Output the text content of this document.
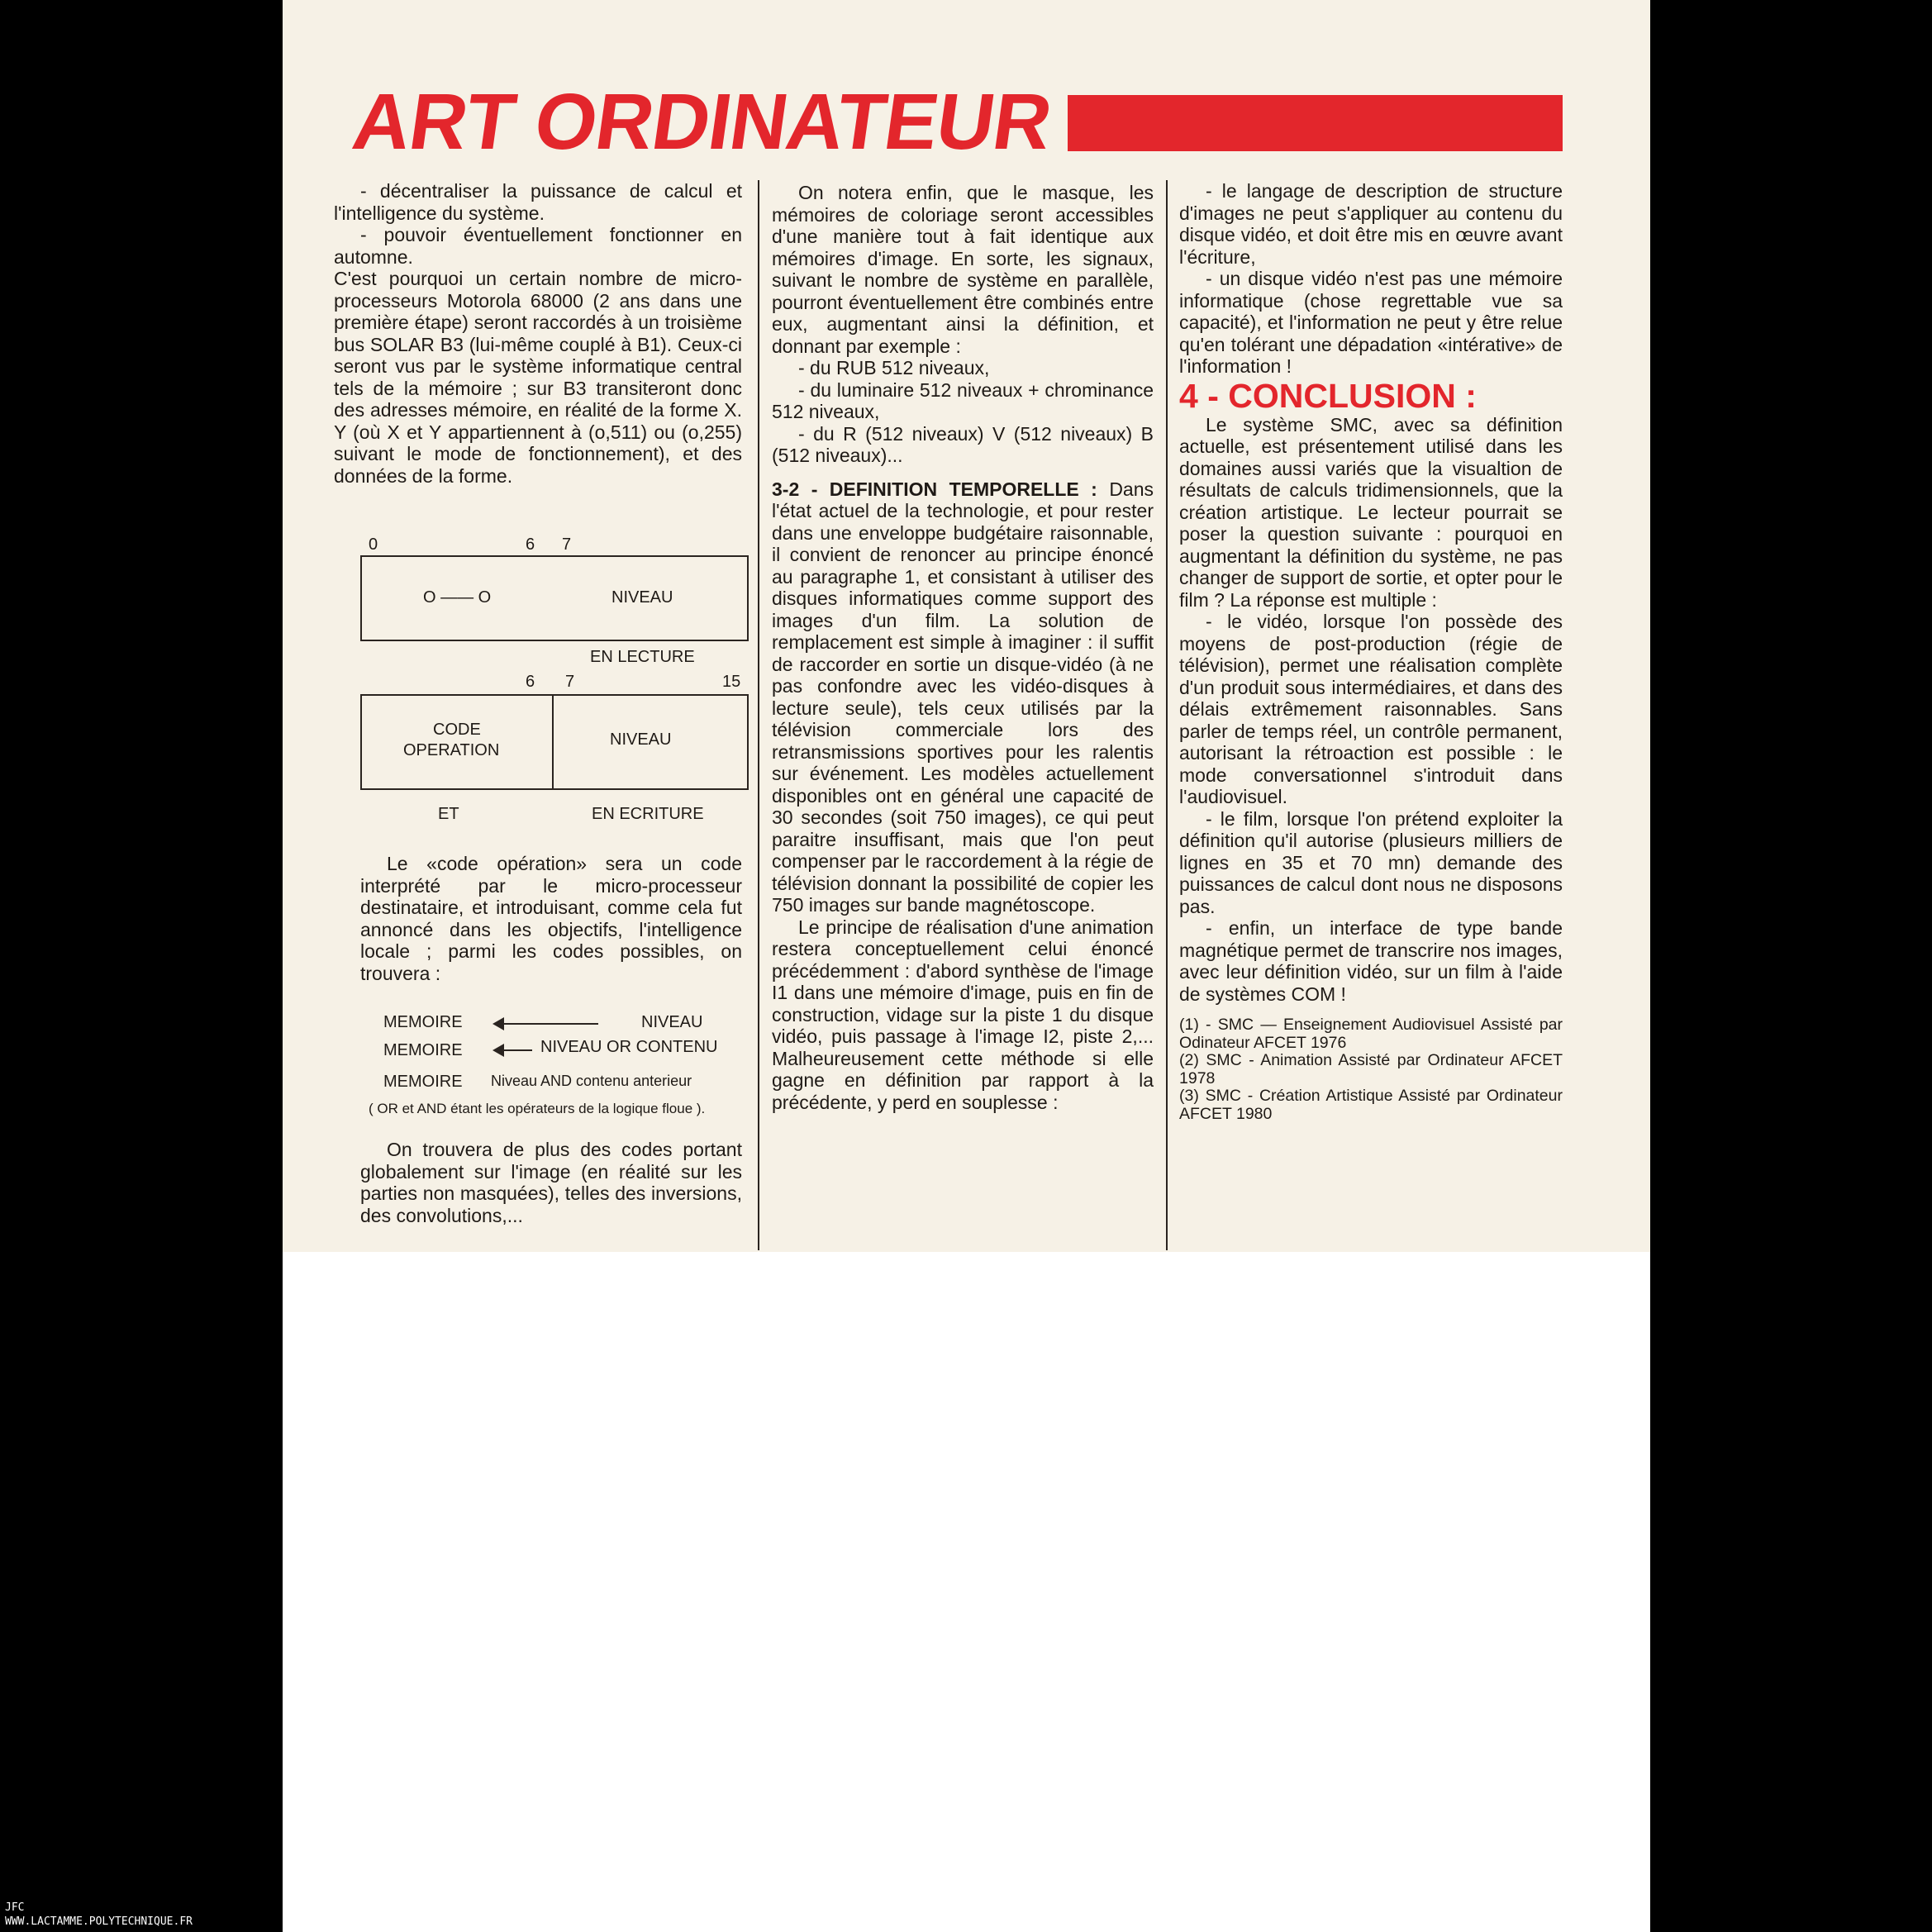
ART ORDINATEUR

- décentraliser la puissance de calcul et l'intelligence du système.

- pouvoir éventuellement fonctionner en automne.

C'est pourquoi un certain nombre de micro-processeurs Motorola 68000 (2 ans dans une première étape) seront raccordés à un troisième bus SOLAR B3 (lui-même couplé à B1). Ceux-ci seront vus par le système informatique central tels de la mémoire ; sur B3 transiteront donc des adresses mémoire, en réalité de la forme X. Y (où X et Y appartiennent à (o,511) ou (o,255) suivant le mode de fonctionnement), et des données de la forme.

0	6 7
O —— O	NIVEAU
EN LECTURE
6 7	15
CODE
OPERATION
NIVEAU
ET	EN ECRITURE

Le «code opération» sera un code interprété par le micro-processeur destinataire, et introduisant, comme cela fut annoncé dans les objectifs, l'intelligence locale ; parmi les codes possibles, on trouvera :

MEMOIRE	NIVEAU
MEMOIRE	NIVEAU OR CONTENU
MEMOIRE Niveau AND contenu anterieur
( OR et AND étant les opérateurs de la logique floue ).

On trouvera de plus des codes portant globalement sur l'image (en réalité sur les parties non masquées), telles des inversions, des convolutions,...

On notera enfin, que le masque, les mémoires de coloriage seront accessibles d'une manière tout à fait identique aux mémoires d'image. En sorte, les signaux, suivant le nombre de système en parallèle, pourront éventuellement être combinés entre eux, augmentant ainsi la définition, et donnant par exemple :

- du RUB 512 niveaux,

- du luminaire 512 niveaux + chrominance 512 niveaux,

- du R (512 niveaux) V (512 niveaux) B (512 niveaux)...

3-2 - DEFINITION TEMPORELLE : Dans l'état actuel de la technologie, et pour rester dans une enveloppe budgétaire raisonnable, il convient de renoncer au principe énoncé au paragraphe 1, et consistant à utiliser des disques informatiques comme support des images d'un film. La solution de remplacement est simple à imaginer : il suffit de raccorder en sortie un disque-vidéo (à ne pas confondre avec les vidéo-disques à lecture seule), tels ceux utilisés par la télévision commerciale lors des retransmissions sportives pour les ralentis sur événement. Les modèles actuellement disponibles ont en général une capacité de 30 secondes (soit 750 images), ce qui peut paraitre insuffisant, mais que l'on peut compenser par le raccordement à la régie de télévision donnant la possibilité de copier les 750 images sur bande magnétoscope.

Le principe de réalisation d'une animation restera conceptuellement celui énoncé précédemment : d'abord synthèse de l'image I1 dans une mémoire d'image, puis en fin de construction, vidage sur la piste 1 du disque vidéo, puis passage à l'image I2, piste 2,... Malheureusement cette méthode si elle gagne en définition par rapport à la précédente, y perd en souplesse :

- le langage de description de structure d'images ne peut s'appliquer au contenu du disque vidéo, et doit être mis en œuvre avant l'écriture,

- un disque vidéo n'est pas une mémoire informatique (chose regrettable vue sa capacité), et l'information ne peut y être relue qu'en tolérant une dépadation «intérative» de l'information !

4 - CONCLUSION :

Le système SMC, avec sa définition actuelle, est présentement utilisé dans les domaines aussi variés que la visualtion de résultats de calculs tridimensionnels, que la création artistique. Le lecteur pourrait se poser la question suivante : pourquoi en augmentant la définition du système, ne pas changer de support de sortie, et opter pour le film ? La réponse est multiple :

- le vidéo, lorsque l'on possède des moyens de post-production (régie de télévision), permet une réalisation complète d'un produit sous intermédiaires, et dans des délais extrêmement raisonnables. Sans parler de temps réel, un contrôle permanent, autorisant la rétroaction est possible : le mode conversationnel s'introduit dans l'audiovisuel.

- le film, lorsque l'on prétend exploiter la définition qu'il autorise (plusieurs milliers de lignes en 35 et 70 mn) demande des puissances de calcul dont nous ne disposons pas.

- enfin, un interface de type bande magnétique permet de transcrire nos images, avec leur définition vidéo, sur un film à l'aide de systèmes COM !

(1) - SMC — Enseignement Audiovisuel Assisté par Odinateur AFCET 1976

(2) SMC - Animation Assisté par Ordinateur AFCET 1978

(3) SMC - Création Artistique Assisté par Ordinateur AFCET 1980

JFC
WWW.LACTAMME.POLYTECHNIQUE.FR
